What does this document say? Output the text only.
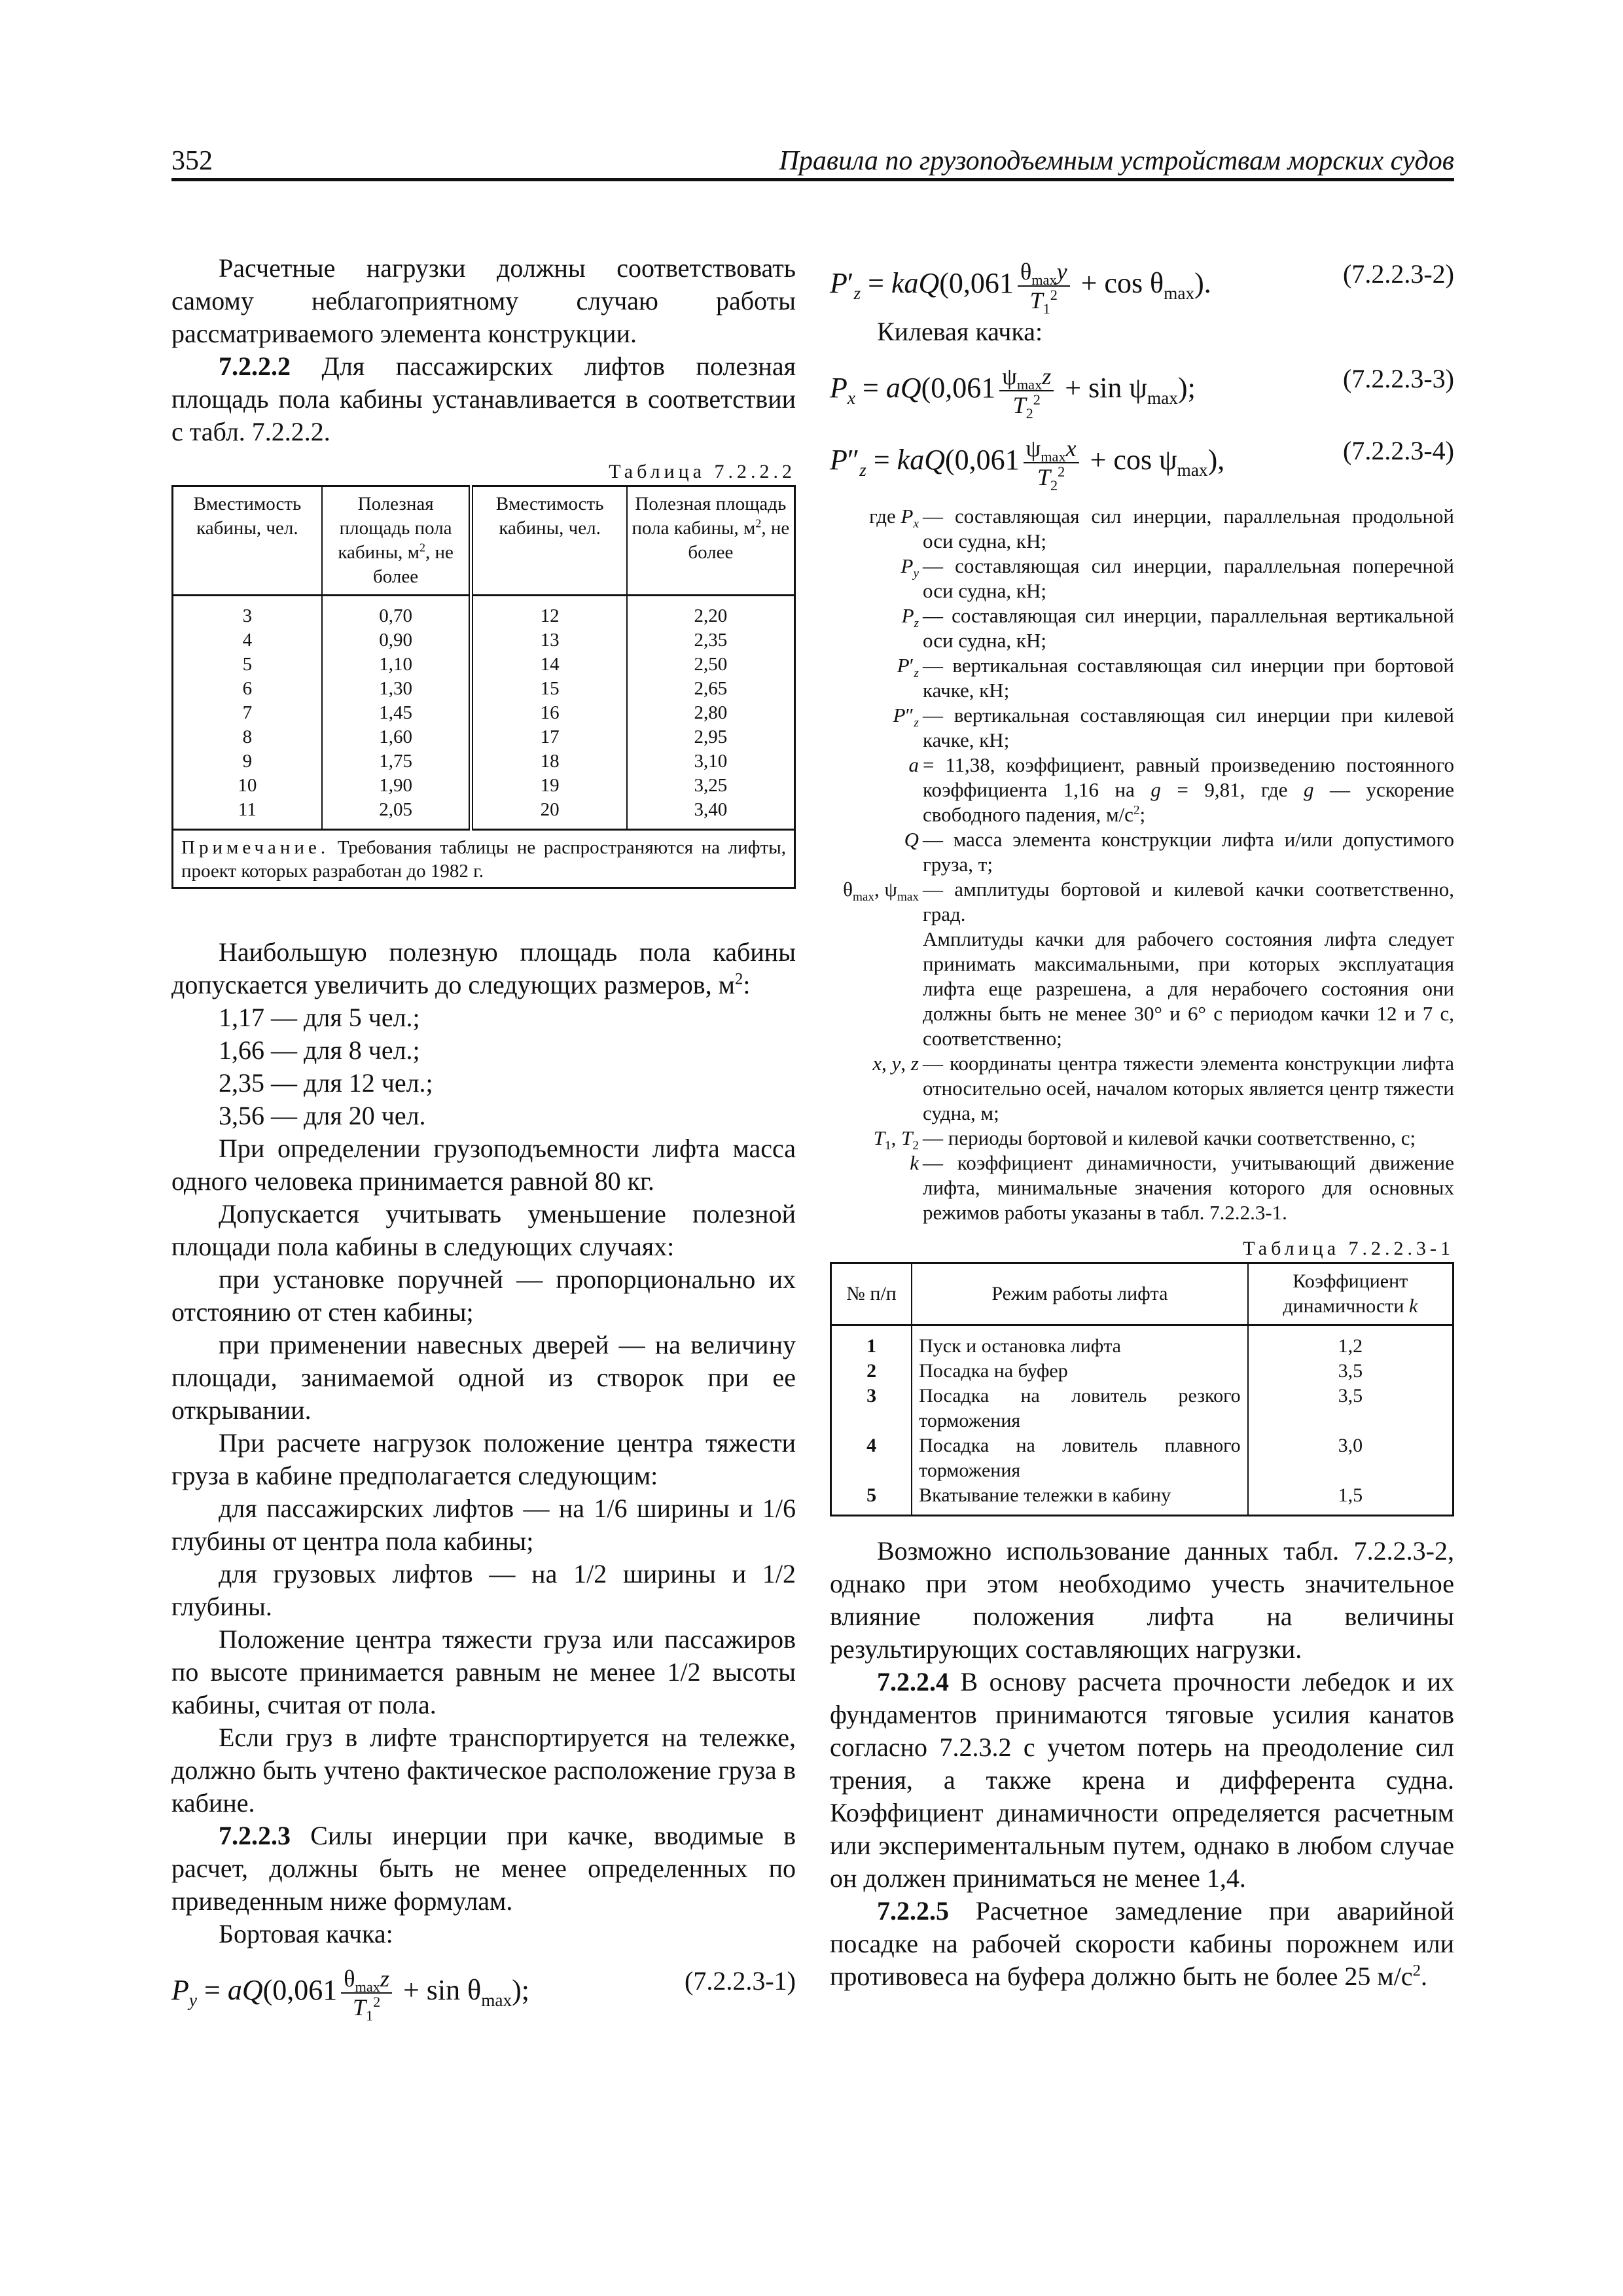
352	Правила по грузоподъемным устройствам морских судов

Расчетные нагрузки должны соответствовать самому неблагоприятному случаю работы рассматриваемого элемента конструкции.

7.2.2.2 Для пассажирских лифтов полезная площадь пола кабины устанавливается в соответствии с табл. 7.2.2.2.

Таблица 7.2.2.2
Вместимость кабины, чел.	Полезная площадь пола кабины, $м^2$, не более	Вместимость кабины, чел.	Полезная площадь пола кабины, $м^2$, не более
3	0,70	12	2,20
4	0,90	13	2,35
5	1,10	14	2,50
6	1,30	15	2,65
7	1,45	16	2,80
8	1,60	17	2,95
9	1,75	18	3,10
10	1,90	19	3,25
11	2,05	20	3,40
Примечание. Требования таблицы не распространяются на лифты, проект которых разработан до 1982 г.			

Наибольшую полезную площадь пола кабины допускается увеличить до следующих размеров, $м^2$:

1,17 — для 5 чел.;

1,66 — для 8 чел.;

2,35 — для 12 чел.;

3,56 — для 20 чел.

При определении грузоподъемности лифта масса одного человека принимается равной 80 кг.

Допускается учитывать уменьшение полезной площади пола кабины в следующих случаях:

при установке поручней — пропорционально их отстоянию от стен кабины;

при применении навесных дверей — на величину площади, занимаемой одной из створок при ее открывании.

При расчете нагрузок положение центра тяжести груза в кабине предполагается следующим:

для пассажирских лифтов — на 1/6 ширины и 1/6 глубины от центра пола кабины;

для грузовых лифтов — на 1/2 ширины и 1/2 глубины.

Положение центра тяжести груза или пассажиров по высоте принимается равным не менее 1/2 высоты кабины, считая от пола.

Если груз в лифте транспортируется на тележке, должно быть учтено фактическое расположение груза в кабине.

7.2.2.3 Силы инерции при качке, вводимые в расчет, должны быть не менее определенных по приведенным ниже формулам.

Бортовая качка:

$P_y = aQ(0,061 \frac{\theta_{max}z}{T_1^2} + \sin \theta_{max})$;	(7.2.2.3-1)
$P'_z = kaQ(0,061 \frac{\theta_{max}y}{T_1^2} + \cos \theta_{max})$.	(7.2.2.3-2)

Килевая качка:

$P_x = aQ(0,061 \frac{\psi_{max}z}{T_2^2} + \sin \psi_{max})$;	(7.2.2.3-3)
$P''_z = kaQ(0,061 \frac{\psi_{max}x}{T_2^2} + \cos \psi_{max})$,	(7.2.2.3-4)
где $P_x$ — составляющая сил инерции, параллельная продольной оси судна, кН;
$P_y$ — составляющая сил инерции, параллельная поперечной оси судна, кН;
$P_z$ — составляющая сил инерции, параллельная вертикальной оси судна, кН;
$P'_z$ — вертикальная составляющая сил инерции при бортовой качке, кН;
$P''_z$ — вертикальная составляющая сил инерции при килевой качке, кН;
a = 11,38, коэффициент, равный произведению постоянного коэффициента 1,16 на g = 9,81, где g — ускорение свободного падения, $м/с^2$;
Q — масса элемента конструкции лифта и/или допустимого груза, т;
$\theta_{max}$, $\psi_{max}$ — амплитуды бортовой и килевой качки соответственно, град.
Амплитуды качки для рабочего состояния лифта следует принимать максимальными, при которых эксплуатация лифта еще разрешена, а для нерабочего состояния они должны быть не менее 30° и 6° с периодом качки 12 и 7 с, соответственно;
x, y, z — координаты центра тяжести элемента конструкции лифта относительно осей, началом которых является центр тяжести судна, м;
$T_1$, $T_2$ — периоды бортовой и килевой качки соответственно, с;
k — коэффициент динамичности, учитывающий движение лифта, минимальные значения которого для основных режимов работы указаны в табл. 7.2.2.3-1.
Таблица 7.2.2.3-1
№ п/п	Режим работы лифта	Коэффициент динамичности k
1	Пуск и остановка лифта	1,2
2	Посадка на буфер	3,5
3	Посадка на ловитель резкого торможения	3,5
4	Посадка на ловитель плавного торможения	3,0
5	Вкатывание тележки в кабину	1,5

Возможно использование данных табл. 7.2.2.3-2, однако при этом необходимо учесть значительное влияние положения лифта на величины результирующих составляющих нагрузки.

7.2.2.4 В основу расчета прочности лебедок и их фундаментов принимаются тяговые усилия канатов согласно 7.2.3.2 с учетом потерь на преодоление сил трения, а также крена и дифферента судна. Коэффициент динамичности определяется расчетным или экспериментальным путем, однако в любом случае он должен приниматься не менее 1,4.

7.2.2.5 Расчетное замедление при аварийной посадке на рабочей скорости кабины порожнем или противовеса на буфера должно быть не более 25 $м/с^2$.
